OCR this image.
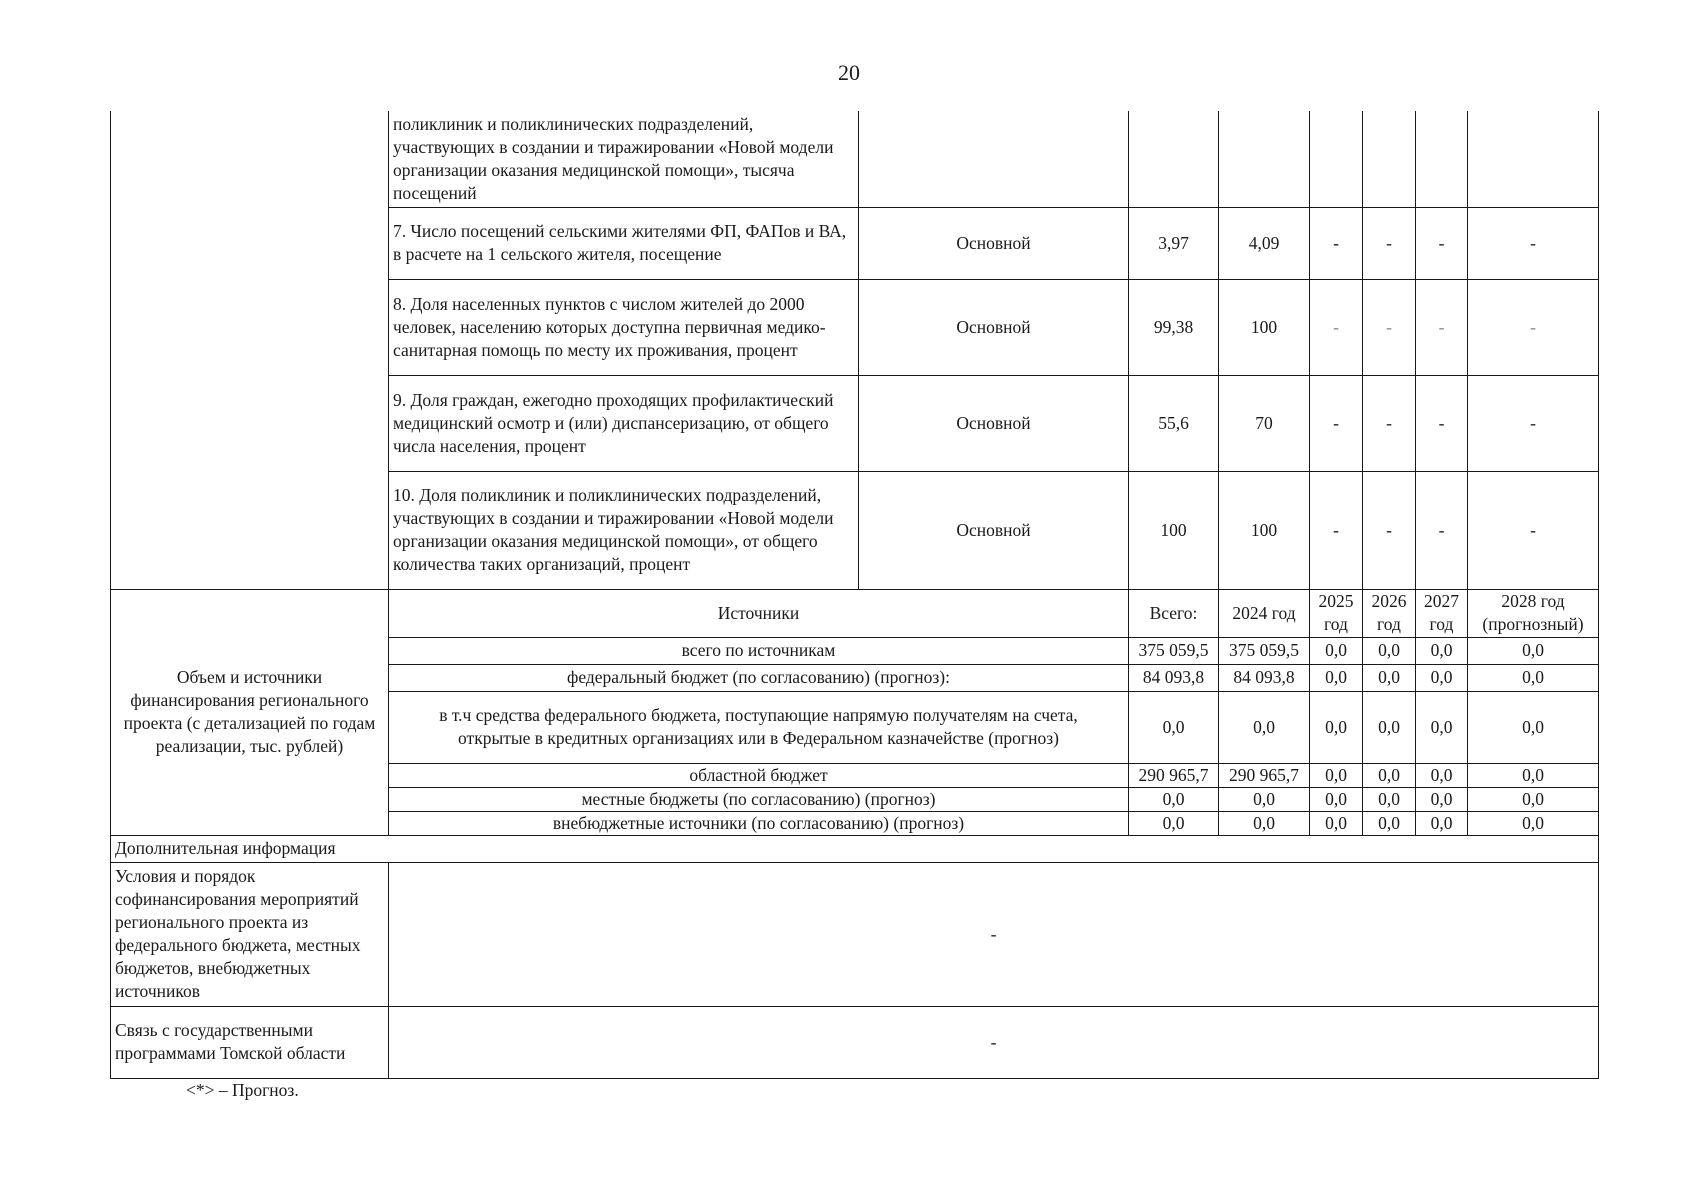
20
	поликлиник и поликлинических подразделений, участвующих в создании и тиражировании «Новой модели организации оказания медицинской помощи», тысяча посещений							
	7. Число посещений сельскими жителями ФП, ФАПов и ВА, в расчете на 1 сельского жителя, посещение	Основной	3,97	4,09	-	-	-	-
	8. Доля населенных пунктов с числом жителей до 2000 человек, населению которых доступна первичная медико-санитарная помощь по месту их проживания, процент	Основной	99,38	100	-	-	-	-
	9. Доля граждан, ежегодно проходящих профилактический медицинский осмотр и (или) диспансеризацию, от общего числа населения, процент	Основной	55,6	70	-	-	-	-
	10. Доля поликлиник и поликлинических подразделений, участвующих в создании и тиражировании «Новой модели организации оказания медицинской помощи», от общего количества таких организаций, процент	Основной	100	100	-	-	-	-
Объем и источники финансирования регионального проекта (с детализацией по годам реализации, тыс. рублей)	Источники		Всего:	2024 год	2025 год	2026 год	2027 год	2028 год (прогнозный)
	всего по источникам		375 059,5	375 059,5	0,0	0,0	0,0	0,0
	федеральный бюджет (по согласованию) (прогноз):		84 093,8	84 093,8	0,0	0,0	0,0	0,0
	в т.ч средства федерального бюджета, поступающие напрямую получателям на счета, открытые в кредитных организациях или в Федеральном казначействе (прогноз)		0,0	0,0	0,0	0,0	0,0	0,0
	областной бюджет		290 965,7	290 965,7	0,0	0,0	0,0	0,0
	местные бюджеты (по согласованию) (прогноз)		0,0	0,0	0,0	0,0	0,0	0,0
	внебюджетные источники (по согласованию) (прогноз)		0,0	0,0	0,0	0,0	0,0	0,0
Дополнительная информация								
Условия и порядок софинансирования мероприятий регионального проекта из федерального бюджета, местных бюджетов, внебюджетных источников	-							
Связь с государственными программами Томской области	-							
<*> – Прогноз.
